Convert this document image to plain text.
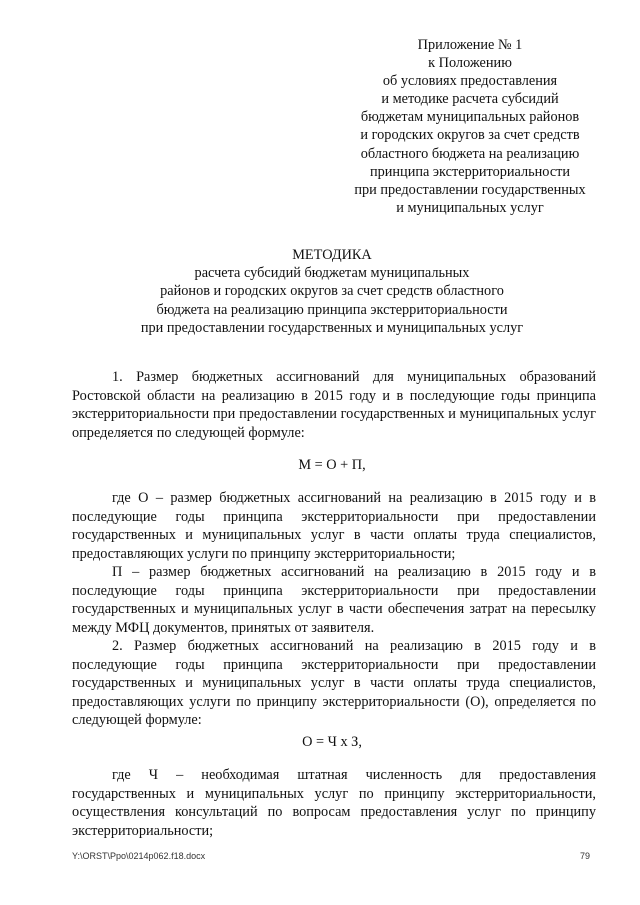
Приложение № 1
к Положению
об условиях предоставления
и методике расчета субсидий
бюджетам муниципальных районов
и городских округов за счет средств
областного бюджета на реализацию
принципа экстерриториальности
при предоставлении государственных
и муниципальных услуг
МЕТОДИКА
расчета субсидий бюджетам муниципальных
районов и городских округов за счет средств областного
бюджета на реализацию принципа экстерриториальности
при предоставлении государственных и муниципальных услуг

1. Размер бюджетных ассигнований для муниципальных образований Ростовской области на реализацию в 2015 году и в последующие годы принципа экстерриториальности при предоставлении государственных и муниципальных услуг определяется по следующей формуле:

М = О + П,

где О – размер бюджетных ассигнований на реализацию в 2015 году и в последующие годы принципа экстерриториальности при предоставлении государственных и муниципальных услуг в части оплаты труда специалистов, предоставляющих услуги по принципу экстерриториальности;

П – размер бюджетных ассигнований на реализацию в 2015 году и в последующие годы принципа экстерриториальности при предоставлении государственных и муниципальных услуг в части обеспечения затрат на пересылку между МФЦ документов, принятых от заявителя.

2. Размер бюджетных ассигнований на реализацию в 2015 году и в последующие годы принципа экстерриториальности при предоставлении государственных и муниципальных услуг в части оплаты труда специалистов, предоставляющих услуги по принципу экстерриториальности (О), определяется по следующей формуле:

О = Ч х З,

где Ч – необходимая штатная численность для предоставления государственных и муниципальных услуг по принципу экстерриториальности, осуществления консультаций по вопросам предоставления услуг по принципу экстерриториальности;

Y:\ORST\Ppo\0214p062.f18.docx	79
